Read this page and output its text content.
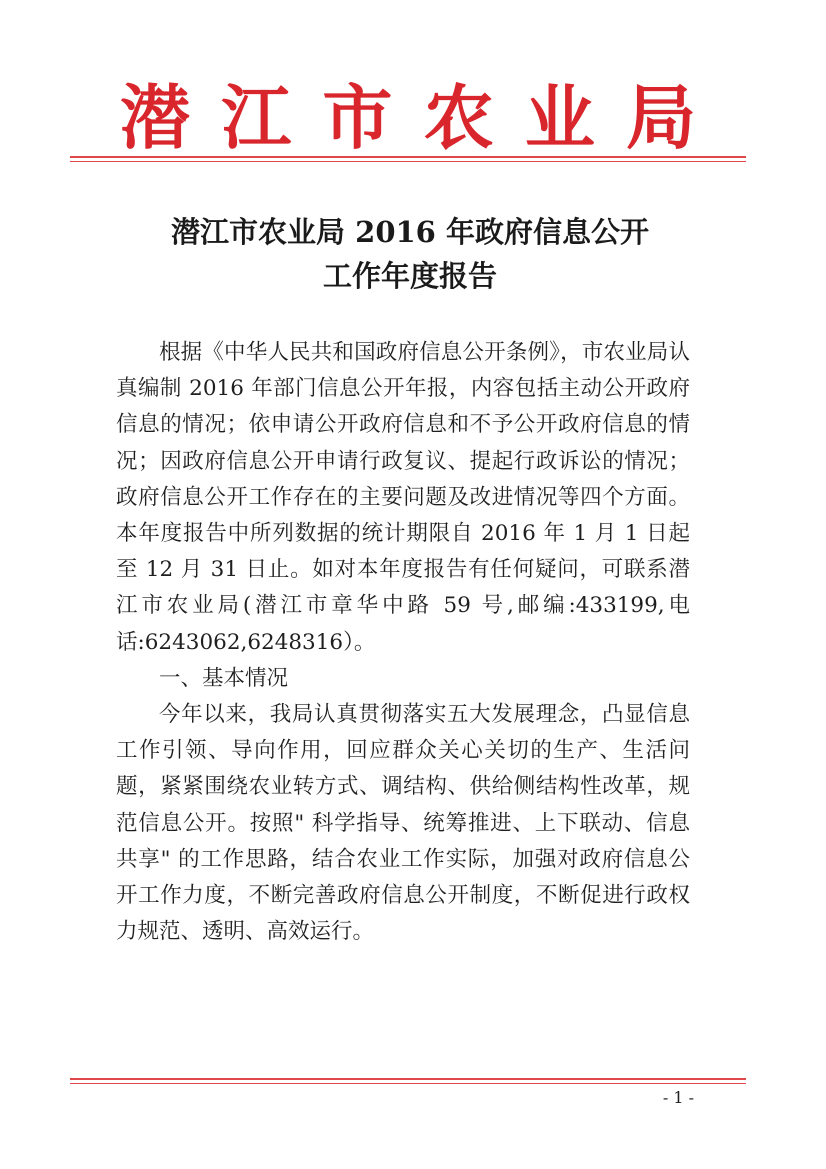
潜 江 市 农 业 局
潜江市农业局 2016 年政府信息公开
工作年度报告

根据《中华人民共和国政府信息公开条例》，市农业局认真编制 2016 年部门信息公开年报，内容包括主动公开政府信息的情况；依申请公开政府信息和不予公开政府信息的情况；因政府信息公开申请行政复议、提起行政诉讼的情况；政府信息公开工作存在的主要问题及改进情况等四个方面。本年度报告中所列数据的统计期限自 2016 年 1 月 1 日起至 12 月 31 日止。如对本年度报告有任何疑问，可联系潜江市农业局(潜江市章华中路 59 号,邮编:433199,电话:6243062,6248316）。

一、基本情况

今年以来，我局认真贯彻落实五大发展理念，凸显信息工作引领、导向作用，回应群众关心关切的生产、生活问题，紧紧围绕农业转方式、调结构、供给侧结构性改革，规范信息公开。按照" 科学指导、统筹推进、上下联动、信息共享" 的工作思路，结合农业工作实际，加强对政府信息公开工作力度，不断完善政府信息公开制度，不断促进行政权力规范、透明、高效运行。

- 1 -
